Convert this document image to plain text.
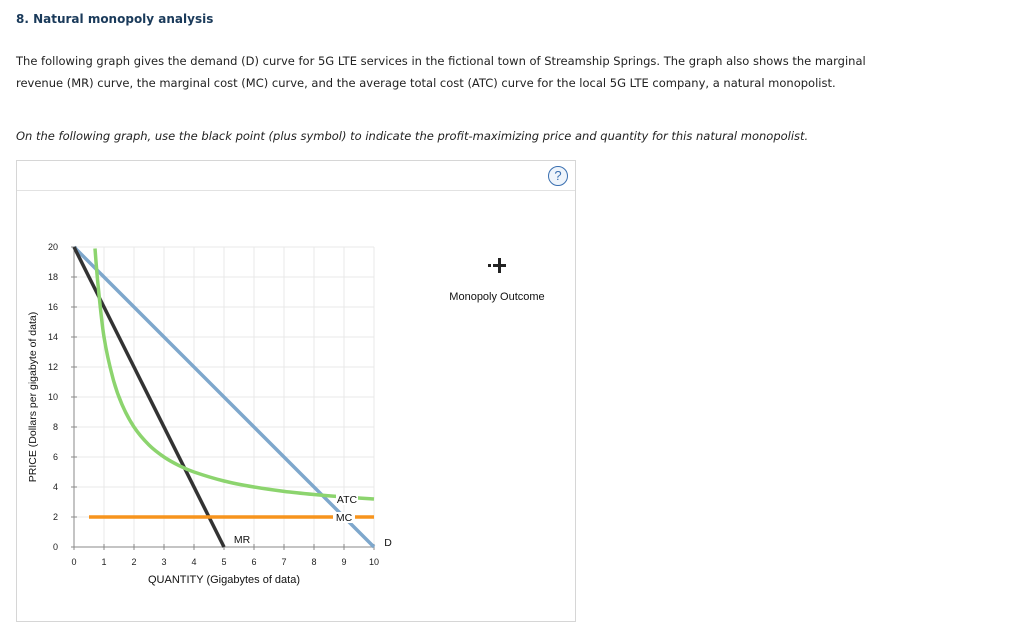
8. Natural monopoly analysis
The following graph gives the demand (D) curve for 5G LTE services in the fictional town of Streamship Springs. The graph also shows the marginal revenue (MR) curve, the marginal cost (MC) curve, and the average total cost (ATC) curve for the local 5G LTE company, a natural monopolist.
On the following graph, use the black point (plus symbol) to indicate the profit-maximizing price and quantity for this natural monopolist.
?
0	1	2	3	4	5	6	7	8	9 10
0
2
4
6
8
10
12
14
16
18
20
QUANTITY (Gigabytes of data)
PRICE (Dollars per gigabyte of data)
D
MR
MC
ATC
Monopoly Outcome
